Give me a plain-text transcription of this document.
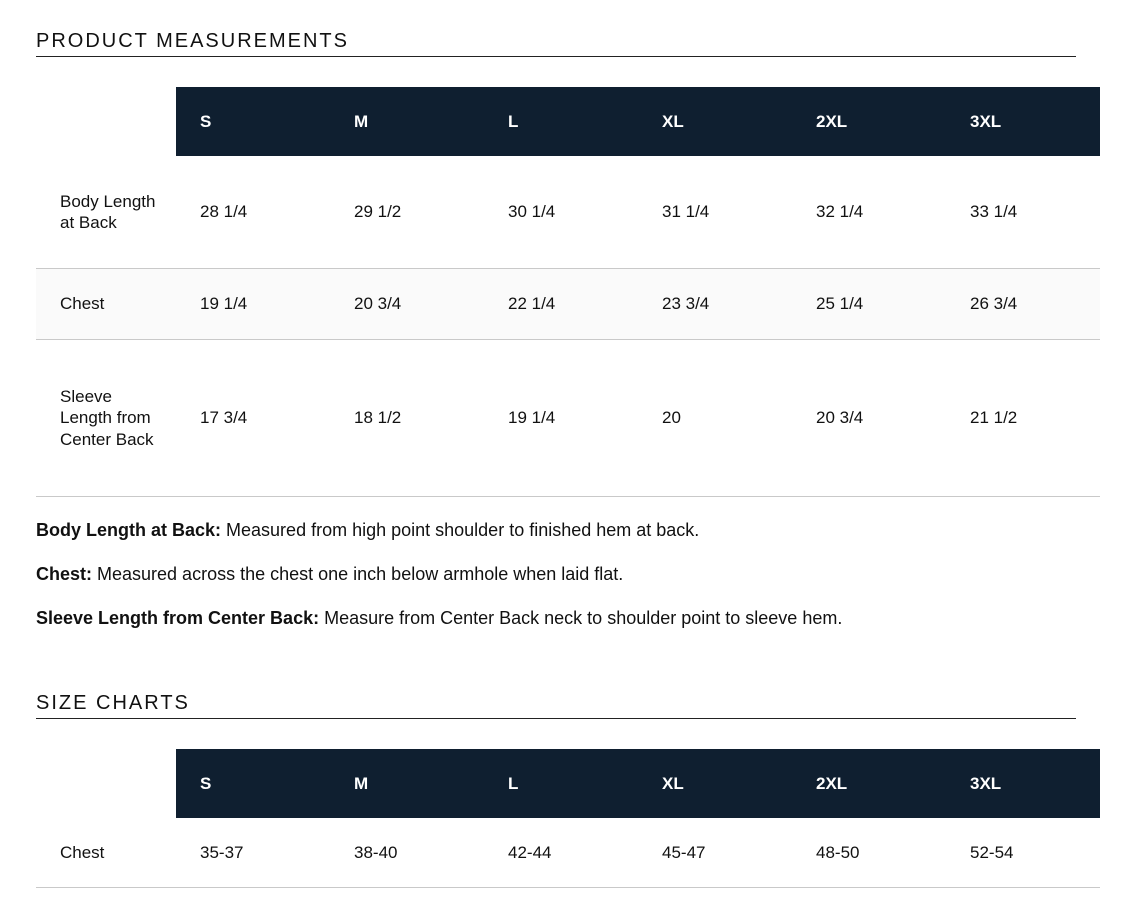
PRODUCT MEASUREMENTS
	S	M	L	XL	2XL	3XL
Body Length at Back	28 1/4	29 1/2	30 1/4	31 1/4	32 1/4	33 1/4
Chest	19 1/4	20 3/4	22 1/4	23 3/4	25 1/4	26 3/4
Sleeve Length from Center Back	17 3/4	18 1/2	19 1/4	20	20 3/4	21 1/2

Body Length at Back: Measured from high point shoulder to finished hem at back.

Chest: Measured across the chest one inch below armhole when laid flat.

Sleeve Length from Center Back: Measure from Center Back neck to shoulder point to sleeve hem.

SIZE CHARTS
	S	M	L	XL	2XL	3XL
Chest	35-37	38-40	42-44	45-47	48-50	52-54
